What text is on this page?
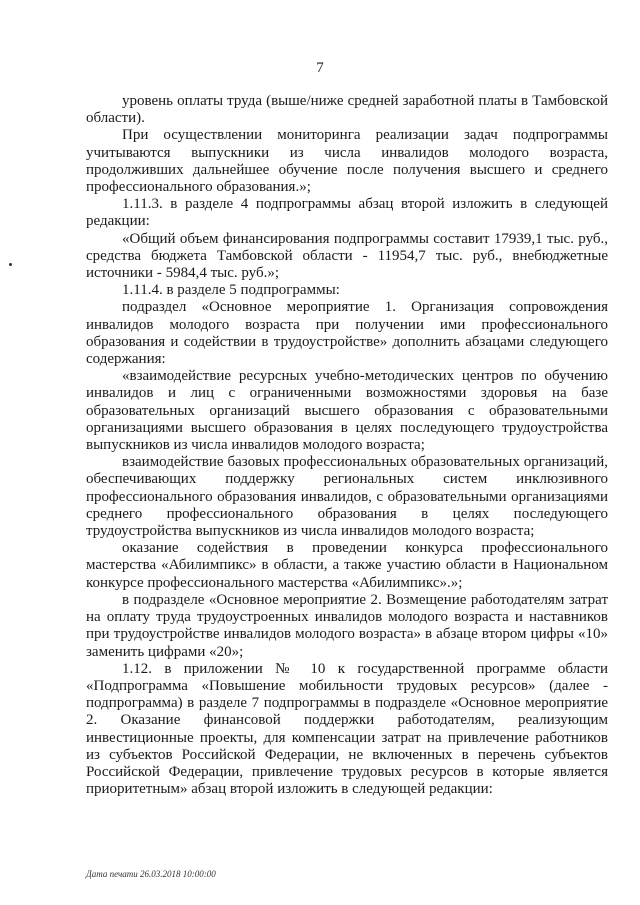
7

уровень оплаты труда (выше/ниже средней заработной платы в Тамбовской области).

При осуществлении мониторинга реализации задач подпрограммы учитываются выпускники из числа инвалидов молодого возраста, продолживших дальнейшее обучение после получения высшего и среднего профессионального образования.»;

1.11.3. в разделе 4 подпрограммы абзац второй изложить в следующей редакции:

«Общий объем финансирования подпрограммы составит 17939,1 тыс. руб., средства бюджета Тамбовской области - 11954,7 тыс. руб., внебюджетные источники - 5984,4 тыс. руб.»;

1.11.4. в разделе 5 подпрограммы:

подраздел «Основное мероприятие 1. Организация сопровождения инвалидов молодого возраста при получении ими профессионального образования и содействии в трудоустройстве» дополнить абзацами следующего содержания:

«взаимодействие ресурсных учебно-методических центров по обучению инвалидов и лиц с ограниченными возможностями здоровья на базе образовательных организаций высшего образования с образовательными организациями высшего образования в целях последующего трудоустройства выпускников из числа инвалидов молодого возраста;

взаимодействие базовых профессиональных образовательных организаций, обеспечивающих поддержку региональных систем инклюзивного профессионального образования инвалидов, с образовательными организациями среднего профессионального образования в целях последующего трудоустройства выпускников из числа инвалидов молодого возраста;

оказание содействия в проведении конкурса профессионального мастерства «Абилимпикс» в области, а также участию области в Национальном конкурсе профессионального мастерства «Абилимпикс».»;

в подразделе «Основное мероприятие 2. Возмещение работодателям затрат на оплату труда трудоустроенных инвалидов молодого возраста и наставников при трудоустройстве инвалидов молодого возраста» в абзаце втором цифры «10» заменить цифрами «20»;

1.12. в приложении № 10 к государственной программе области «Подпрограмма «Повышение мобильности трудовых ресурсов» (далее - подпрограмма) в разделе 7 подпрограммы в подразделе «Основное мероприятие 2. Оказание финансовой поддержки работодателям, реализующим инвестиционные проекты, для компенсации затрат на привлечение работников из субъектов Российской Федерации, не включенных в перечень субъектов Российской Федерации, привлечение трудовых ресурсов в которые является приоритетным» абзац второй изложить в следующей редакции:

Дата печати 26.03.2018 10:00:00
